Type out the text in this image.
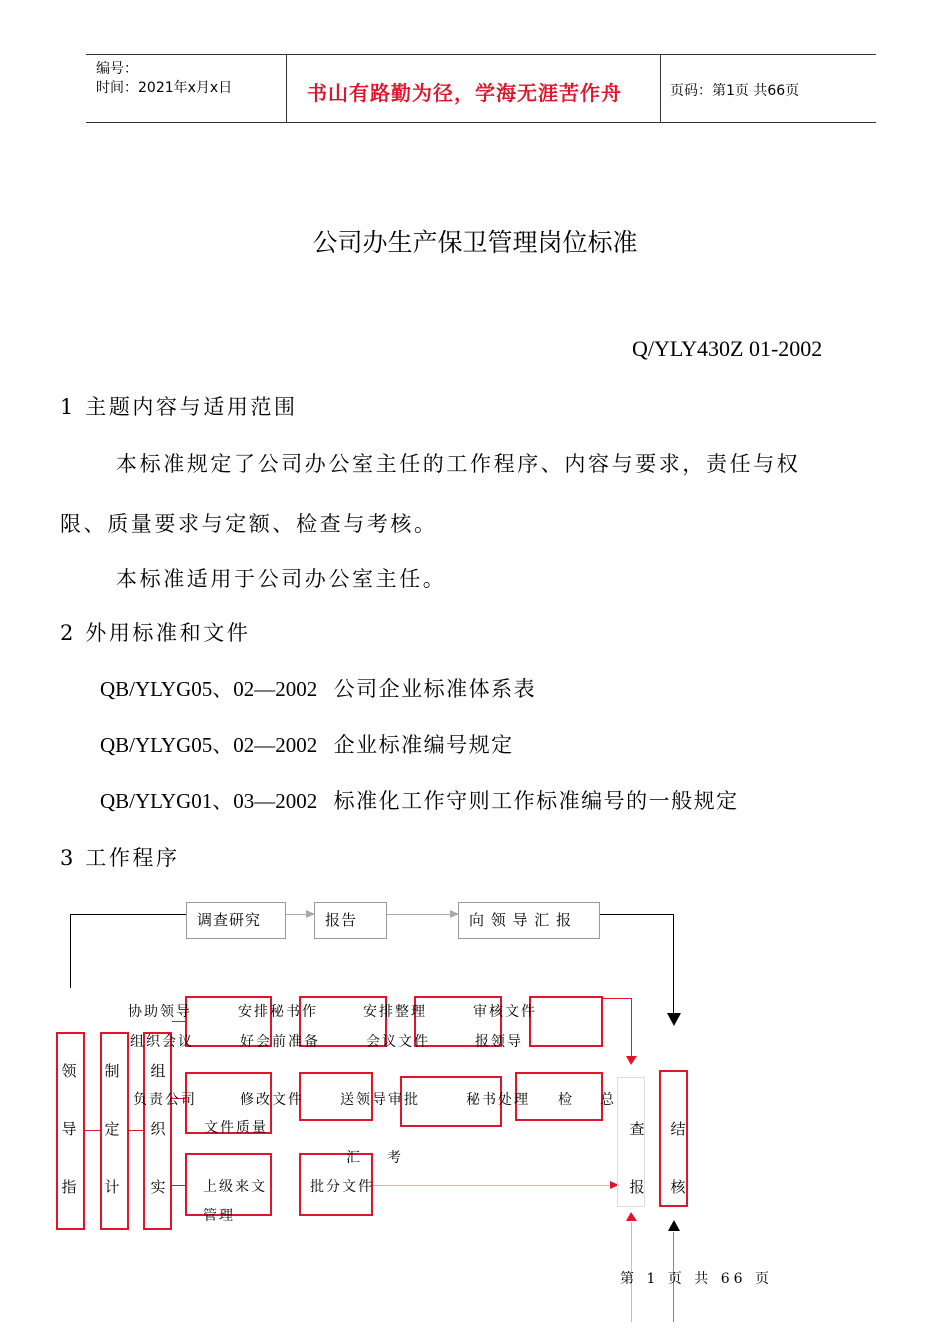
编号：
时间：2021年x月x日	书山有路勤为径，学海无涯苦作舟	页码：第1页 共66页
公司办生产保卫管理岗位标准
Q/YLY430Z 01-2002
1 主题内容与适用范围
本标准规定了公司办公室主任的工作程序、内容与要求，责任与权
限、质量要求与定额、检查与考核。
本标准适用于公司办公室主任。
2 外用标准和文件
QB/YLYG05、02—2002 公司企业标准体系表
QB/YLYG05、02—2002 企业标准编号规定
QB/YLYG01、03—2002 标准化工作守则工作标准编号的一般规定
3 工作程序
调查研究	报告	向 领 导 汇 报
协助领导	安排秘书作	安排整理	审核文件
组织会议	好会前准备	会议文件	报领导
负责公司	修改文件	送领导审批	秘书处理 检 总
文件质量
汇 考
上级来文	批分文件
管理
领
导
指
制
定
计
组
织
实
查
报
结
核
第 1 页 共 66 页
